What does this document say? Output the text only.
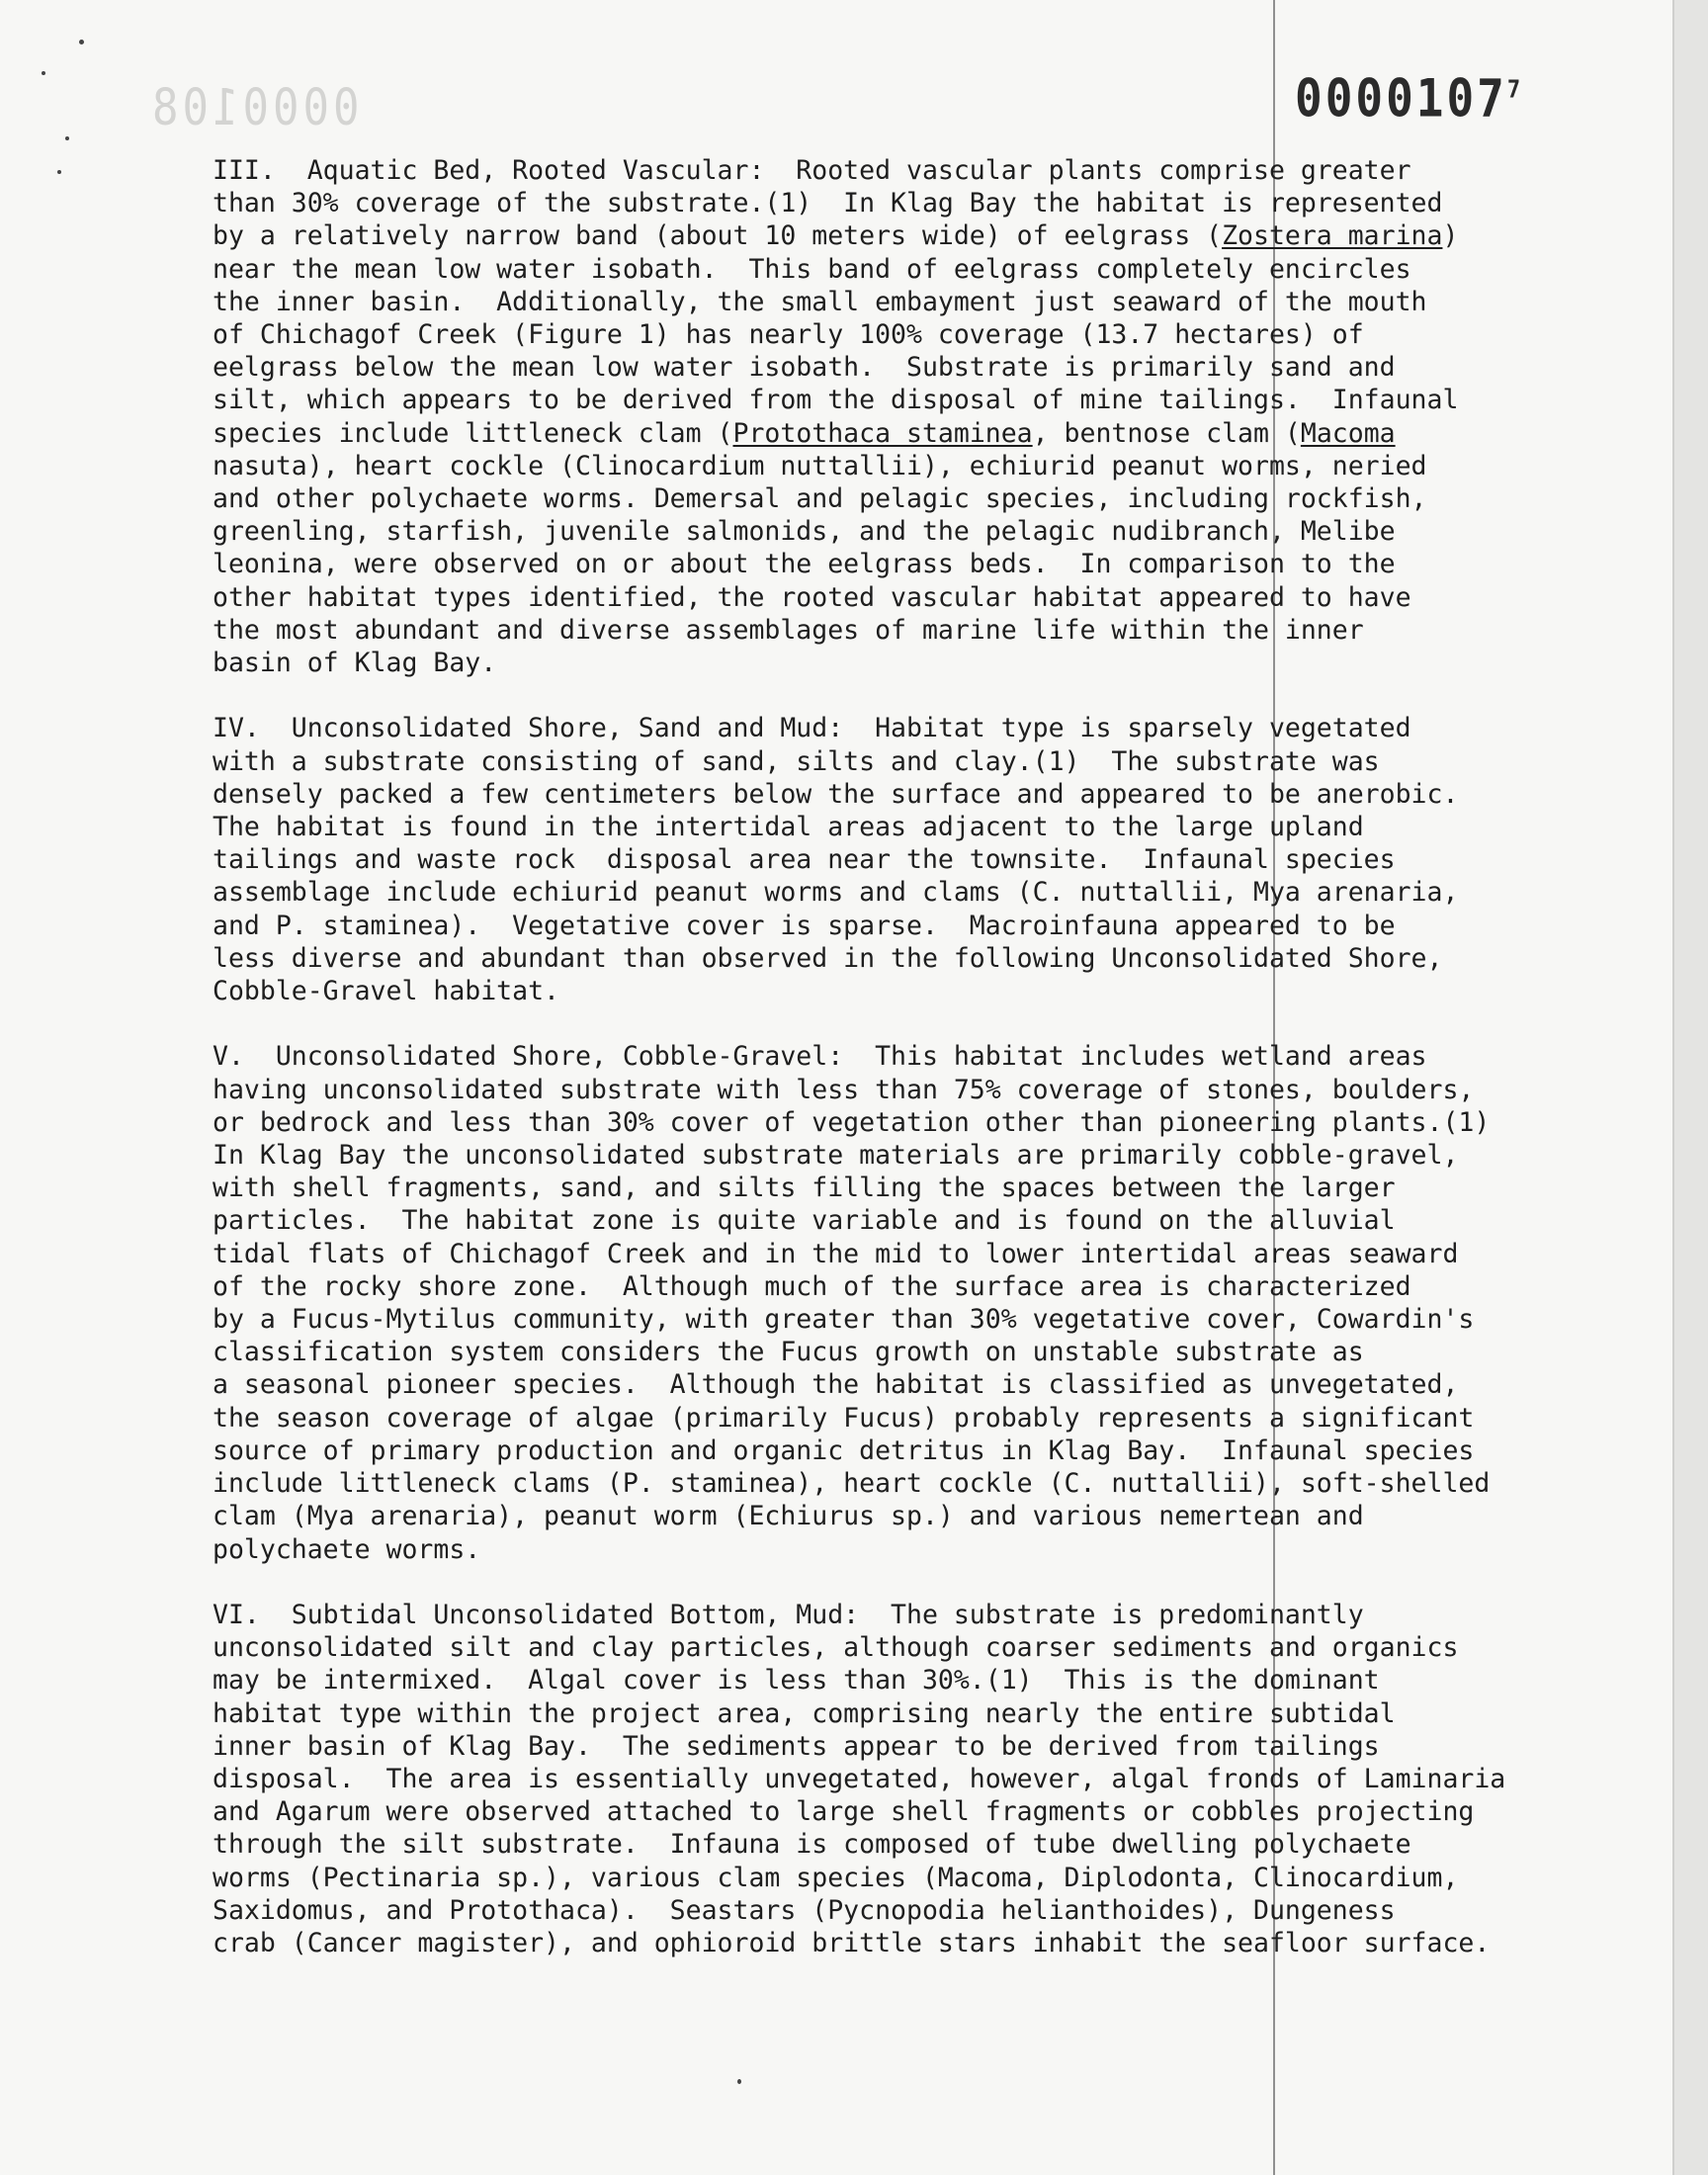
0000108	0000107$^7$
III.  Aquatic Bed, Rooted Vascular:  Rooted vascular plants comprise greater
than 30% coverage of the substrate.(1)  In Klag Bay the habitat is represented
by a relatively narrow band (about 10 meters wide) of eelgrass (Zostera marina)
near the mean low water isobath.  This band of eelgrass completely encircles
the inner basin.  Additionally, the small embayment just seaward of the mouth
of Chichagof Creek (Figure 1) has nearly 100% coverage (13.7 hectares) of
eelgrass below the mean low water isobath.  Substrate is primarily sand and
silt, which appears to be derived from the disposal of mine tailings.  Infaunal
species include littleneck clam (Protothaca staminea, bentnose clam (Macoma
nasuta), heart cockle (Clinocardium nuttallii), echiurid peanut worms, neried
and other polychaete worms. Demersal and pelagic species, including rockfish,
greenling, starfish, juvenile salmonids, and the pelagic nudibranch, Melibe
leonina, were observed on or about the eelgrass beds.  In comparison to the
other habitat types identified, the rooted vascular habitat appeared to have
the most abundant and diverse assemblages of marine life within the inner
basin of Klag Bay.
IV.  Unconsolidated Shore, Sand and Mud:  Habitat type is sparsely vegetated
with a substrate consisting of sand, silts and clay.(1)  The substrate was
densely packed a few centimeters below the surface and appeared to be anerobic.
The habitat is found in the intertidal areas adjacent to the large upland
tailings and waste rock  disposal area near the townsite.  Infaunal species
assemblage include echiurid peanut worms and clams (C. nuttallii, Mya arenaria,
and P. staminea).  Vegetative cover is sparse.  Macroinfauna appeared to be
less diverse and abundant than observed in the following Unconsolidated Shore,
Cobble-Gravel habitat.
V.  Unconsolidated Shore, Cobble-Gravel:  This habitat includes wetland areas
having unconsolidated substrate with less than 75% coverage of stones, boulders,
or bedrock and less than 30% cover of vegetation other than pioneering plants.(1)
In Klag Bay the unconsolidated substrate materials are primarily cobble-gravel,
with shell fragments, sand, and silts filling the spaces between the larger
particles.  The habitat zone is quite variable and is found on the alluvial
tidal flats of Chichagof Creek and in the mid to lower intertidal areas seaward
of the rocky shore zone.  Although much of the surface area is characterized
by a Fucus-Mytilus community, with greater than 30% vegetative cover, Cowardin's
classification system considers the Fucus growth on unstable substrate as
a seasonal pioneer species.  Although the habitat is classified as unvegetated,
the season coverage of algae (primarily Fucus) probably represents a significant
source of primary production and organic detritus in Klag Bay.  Infaunal species
include littleneck clams (P. staminea), heart cockle (C. nuttallii), soft-shelled
clam (Mya arenaria), peanut worm (Echiurus sp.) and various nemertean and
polychaete worms.
VI.  Subtidal Unconsolidated Bottom, Mud:  The substrate is predominantly
unconsolidated silt and clay particles, although coarser sediments and organics
may be intermixed.  Algal cover is less than 30%.(1)  This is the dominant
habitat type within the project area, comprising nearly the entire subtidal
inner basin of Klag Bay.  The sediments appear to be derived from tailings
disposal.  The area is essentially unvegetated, however, algal fronds of Laminaria
and Agarum were observed attached to large shell fragments or cobbles projecting
through the silt substrate.  Infauna is composed of tube dwelling polychaete
worms (Pectinaria sp.), various clam species (Macoma, Diplodonta, Clinocardium,
Saxidomus, and Protothaca).  Seastars (Pycnopodia helianthoides), Dungeness
crab (Cancer magister), and ophioroid brittle stars inhabit the seafloor surface.
